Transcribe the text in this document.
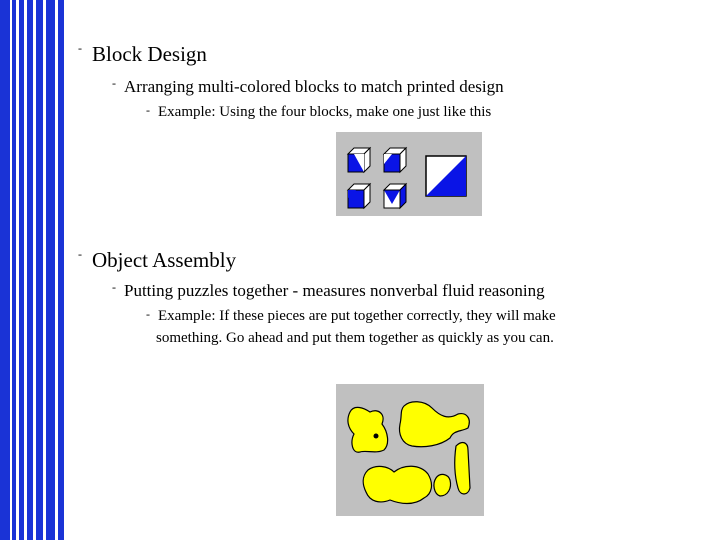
- Block Design
- Arranging multi-colored blocks to match printed design
- Example: Using the four blocks, make one just like this
- Object Assembly
- Putting puzzles together - measures nonverbal fluid reasoning
- Example: If these pieces are put together correctly, they will make
something. Go ahead and put them together as quickly as you can.
